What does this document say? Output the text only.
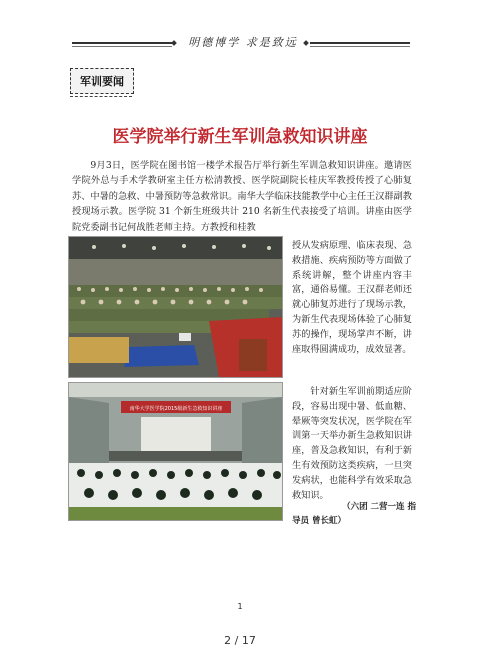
明德博学 求是致远
军训要闻
医学院举行新生军训急救知识讲座
9月3日，医学院在图书馆一楼学术报告厅举行新生军训急救知识讲座。邀请医学院外总与手术学教研室主任方松清教授、医学院副院长桂庆军教授传授了心肺复苏、中暑的急救、中暑预防等急救常识。南华大学临床技能教学中心主任王汉群副教授现场示教。医学院 31 个新生班级共计 210 名新生代表接受了培训。讲座由医学院党委副书记何战胜老师主持。方教授和桂教
南华大学医学院2015级新生急救知识讲座
授从发病原理、临床表现、急救措施、疾病预防等方面做了系统讲解，整个讲座内容丰富，通俗易懂。王汉群老师还就心肺复苏进行了现场示教，为新生代表现场体验了心肺复苏的操作，现场掌声不断，讲座取得圆满成功，成效显著。
针对新生军训前期适应阶段，容易出现中暑、低血糖、晕厥等突发状况，医学院在军训第一天举办新生急救知识讲座，普及急救知识，有利于新生有效预防这类疾病，一旦突发病状，也能科学有效采取急救知识。
（六团 二营一连 指
导员 曾长虹）
1
2 / 17
